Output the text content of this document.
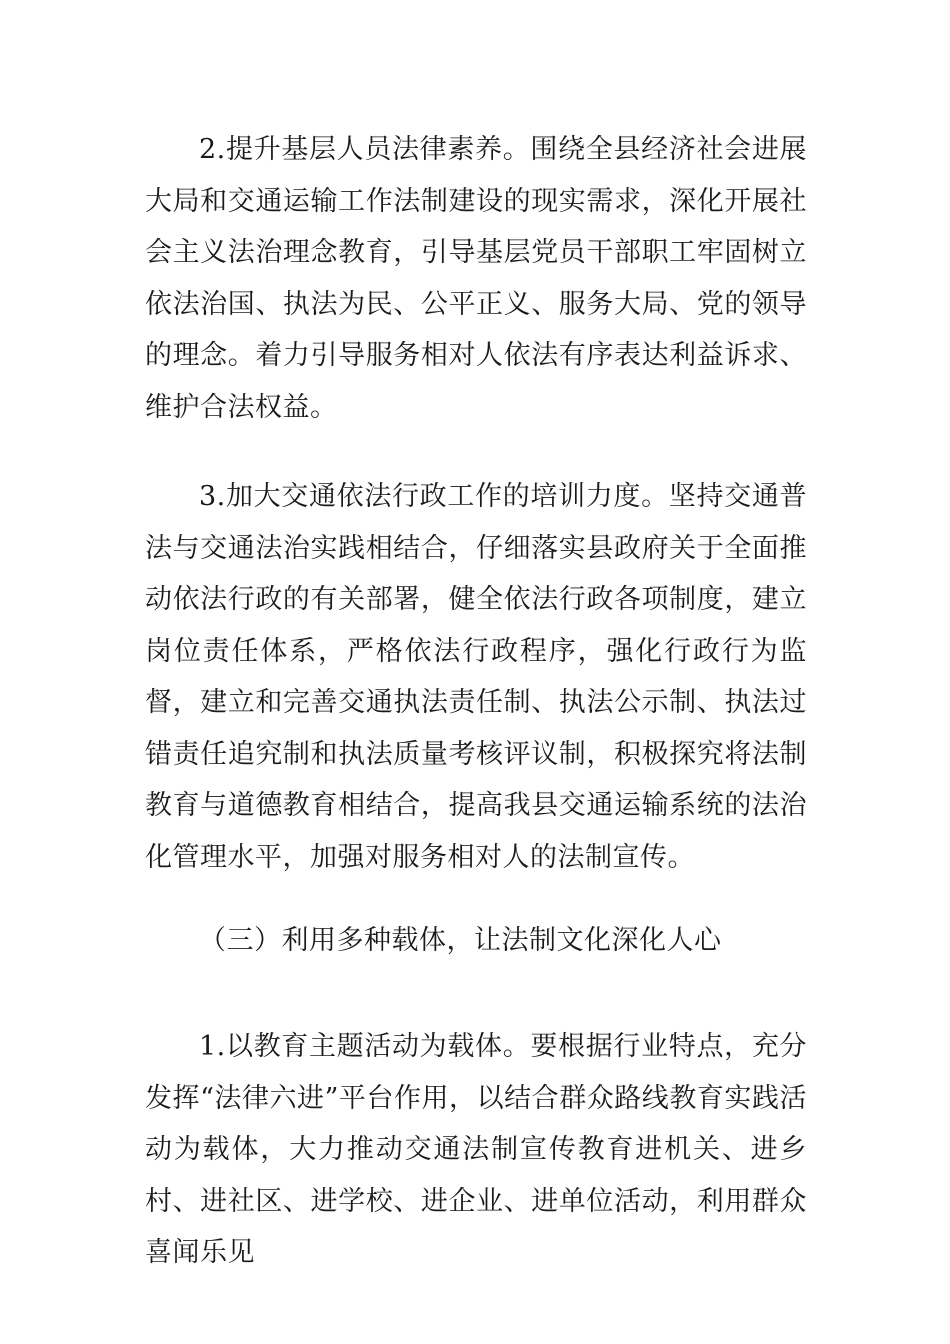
2.提升基层人员法律素养。围绕全县经济社会进展大局和交通运输工作法制建设的现实需求，深化开展社会主义法治理念教育，引导基层党员干部职工牢固树立依法治国、执法为民、公平正义、服务大局、党的领导的理念。着力引导服务相对人依法有序表达利益诉求、维护合法权益。

3.加大交通依法行政工作的培训力度。坚持交通普法与交通法治实践相结合，仔细落实县政府关于全面推动依法行政的有关部署，健全依法行政各项制度，建立岗位责任体系，严格依法行政程序，强化行政行为监督，建立和完善交通执法责任制、执法公示制、执法过错责任追究制和执法质量考核评议制，积极探究将法制教育与道德教育相结合，提高我县交通运输系统的法治化管理水平，加强对服务相对人的法制宣传。

（三）利用多种载体，让法制文化深化人心

1.以教育主题活动为载体。要根据行业特点，充分发挥“法律六进”平台作用，以结合群众路线教育实践活动为载体，大力推动交通法制宣传教育进机关、进乡村、进社区、进学校、进企业、进单位活动，利用群众喜闻乐见
